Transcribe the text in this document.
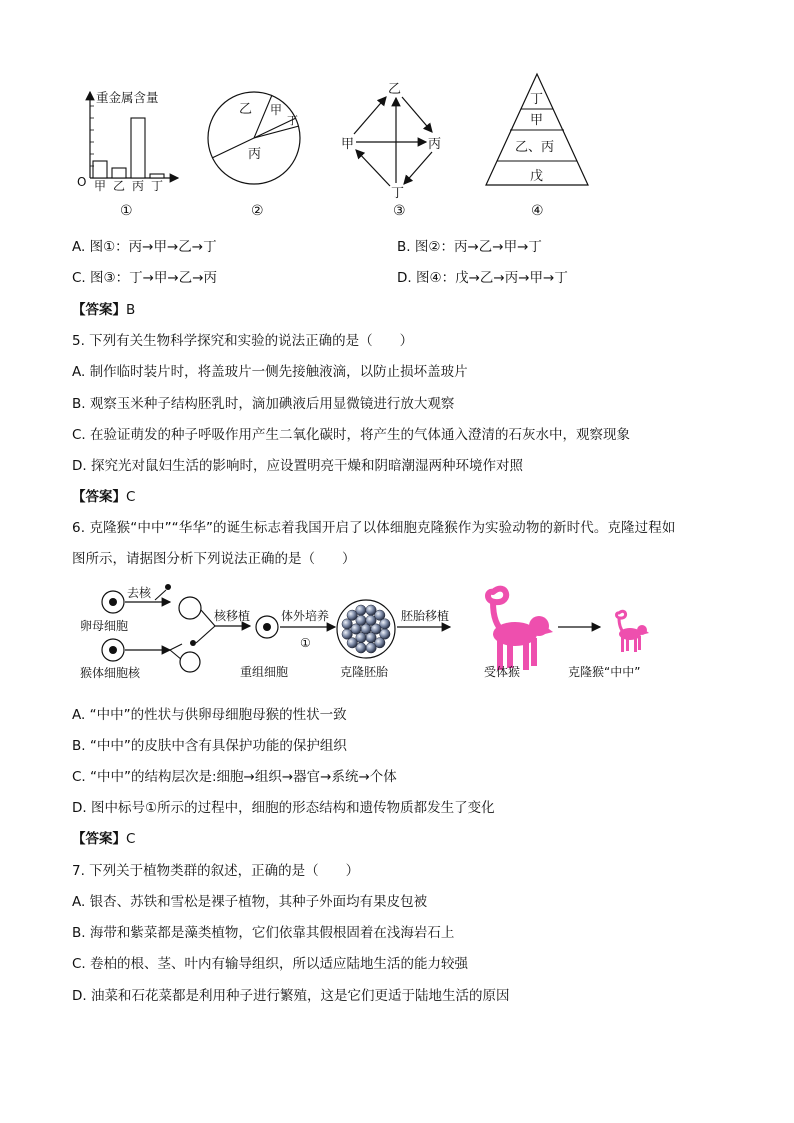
重金属含量
O 甲 乙 丙 丁
①
乙 甲
丁
丙
②
乙
甲	丙
丁
③
丁
甲
乙、丙
戊
④
A. 图①：丙→甲→乙→丁	B. 图②：丙→乙→甲→丁
C. 图③：丁→甲→乙→丙	D. 图④：戊→乙→丙→甲→丁
【答案】B
5. 下列有关生物科学探究和实验的说法正确的是（　　）
A. 制作临时装片时，将盖玻片一侧先接触液滴，以防止损坏盖玻片
B. 观察玉米种子结构胚乳时，滴加碘液后用显微镜进行放大观察
C. 在验证萌发的种子呼吸作用产生二氧化碳时，将产生的气体通入澄清的石灰水中，观察现象
D. 探究光对鼠妇生活的影响时，应设置明亮干燥和阴暗潮湿两种环境作对照
【答案】C
6. 克隆猴“中中”“华华”的诞生标志着我国开启了以体细胞克隆猴作为实验动物的新时代。克隆过程如
图所示，请据图分析下列说法正确的是（　　）
卵母细胞
去核
猴体细胞核
核移植
重组细胞
体外培养
①
克隆胚胎
胚胎移植
受体猴	克隆猴“中中”
A. “中中”的性状与供卵母细胞母猴的性状一致
B. “中中”的皮肤中含有具保护功能的保护组织
C. “中中”的结构层次是:细胞→组织→器官→系统→个体
D. 图中标号①所示的过程中，细胞的形态结构和遗传物质都发生了变化
【答案】C
7. 下列关于植物类群的叙述，正确的是（　　）
A. 银杏、苏铁和雪松是裸子植物，其种子外面均有果皮包被
B. 海带和紫菜都是藻类植物，它们依靠其假根固着在浅海岩石上
C. 卷柏的根、茎、叶内有输导组织，所以适应陆地生活的能力较强
D. 油菜和石花菜都是利用种子进行繁殖，这是它们更适于陆地生活的原因
